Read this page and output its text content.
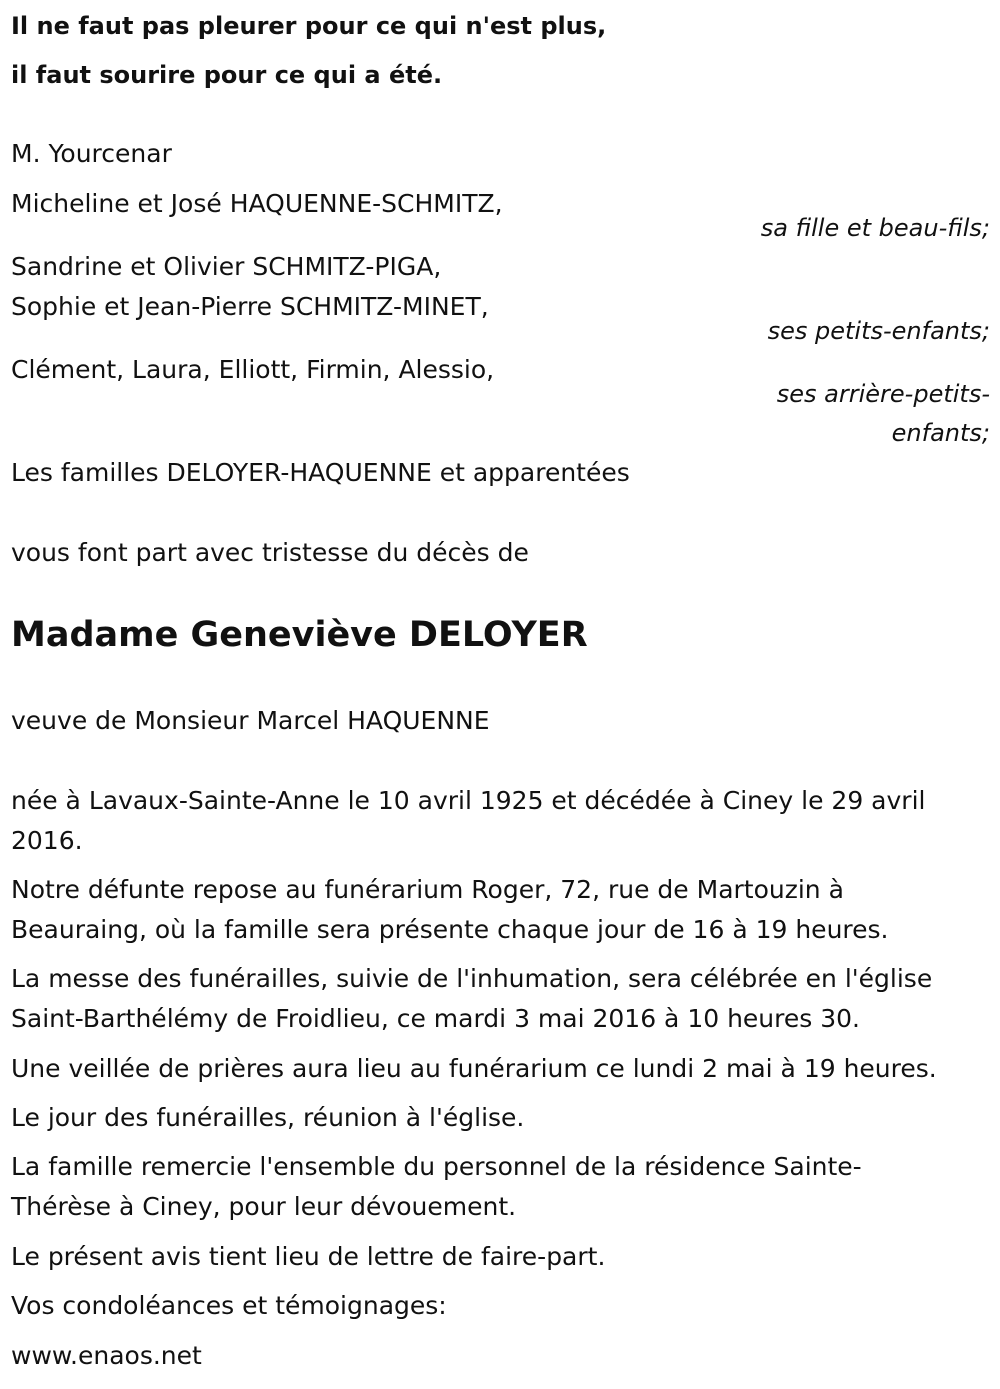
Il ne faut pas pleurer pour ce qui n'est plus,

il faut sourire pour ce qui a été.

M. Yourcenar

Micheline et José HAQUENNE-SCHMITZ,

sa fille et beau-fils;

Sandrine et Olivier SCHMITZ-PIGA,

Sophie et Jean-Pierre SCHMITZ-MINET,

ses petits-enfants;

Clément, Laura, Elliott, Firmin, Alessio,

ses arrière-petits-
enfants;

Les familles DELOYER-HAQUENNE et apparentées

vous font part avec tristesse du décès de

Madame Geneviève DELOYER

veuve de Monsieur Marcel HAQUENNE

née à Lavaux-Sainte-Anne le 10 avril 1925 et décédée à Ciney le 29 avril

2016.

Notre défunte repose au funérarium Roger, 72, rue de Martouzin à

Beauraing, où la famille sera présente chaque jour de 16 à 19 heures.

La messe des funérailles, suivie de l'inhumation, sera célébrée en l'église

Saint-Barthélémy de Froidlieu, ce mardi 3 mai 2016 à 10 heures 30.

Une veillée de prières aura lieu au funérarium ce lundi 2 mai à 19 heures.

Le jour des funérailles, réunion à l'église.

La famille remercie l'ensemble du personnel de la résidence Sainte-

Thérèse à Ciney, pour leur dévouement.

Le présent avis tient lieu de lettre de faire-part.

Vos condoléances et témoignages:

www.enaos.net
